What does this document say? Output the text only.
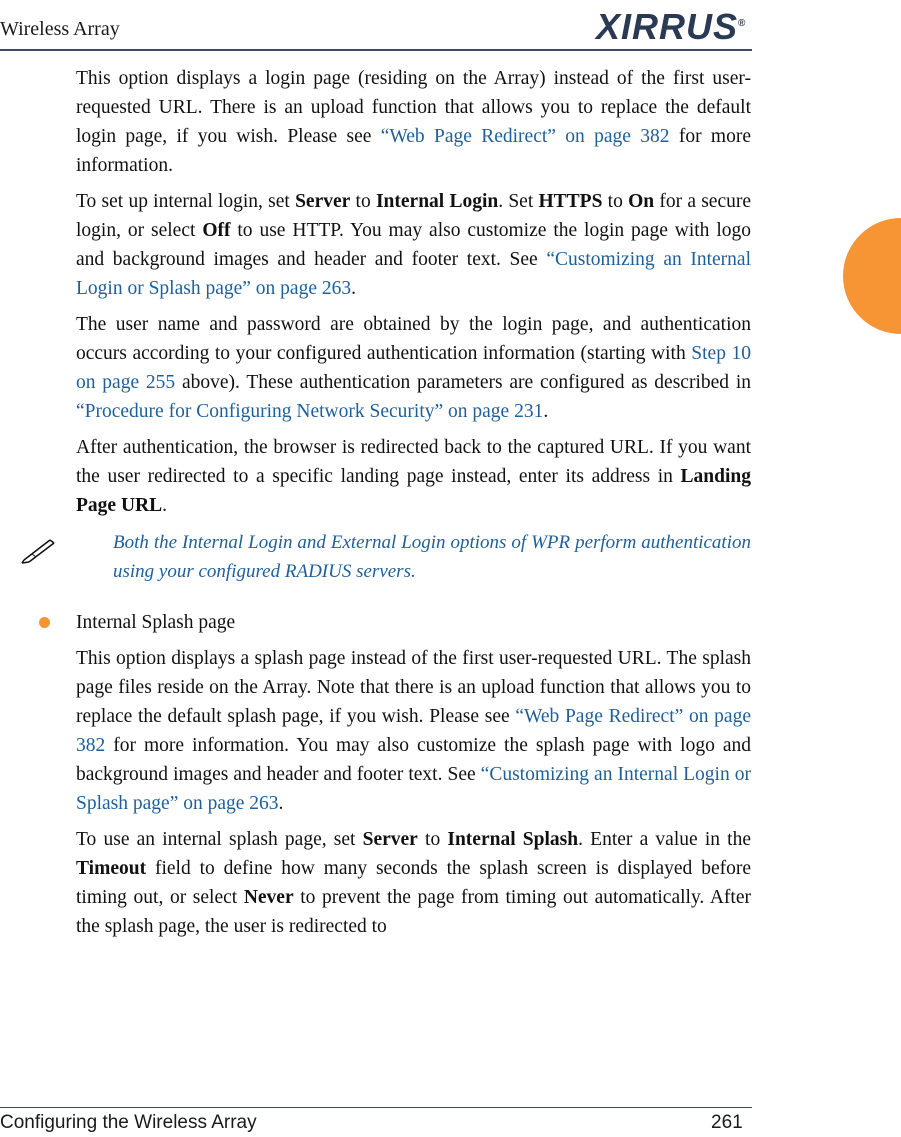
Wireless Array	XIRRUS®

This option displays a login page (residing on the Array) instead of the first user-requested URL. There is an upload function that allows you to replace the default login page, if you wish. Please see “Web Page Redirect” on page 382 for more information.

To set up internal login, set Server to Internal Login. Set HTTPS to On for a secure login, or select Off to use HTTP. You may also customize the login page with logo and background images and header and footer text. See “Customizing an Internal Login or Splash page” on page 263.

The user name and password are obtained by the login page, and authentication occurs according to your configured authentication information (starting with Step 10 on page 255 above). These authentication parameters are configured as described in “Procedure for Configuring Network Security” on page 231.

After authentication, the browser is redirected back to the captured URL. If you want the user redirected to a specific landing page instead, enter its address in Landing Page URL.

Both the Internal Login and External Login options of WPR perform authentication using your configured RADIUS servers.
Internal Splash page

This option displays a splash page instead of the first user-requested URL. The splash page files reside on the Array. Note that there is an upload function that allows you to replace the default splash page, if you wish. Please see “Web Page Redirect” on page 382 for more information. You may also customize the splash page with logo and background images and header and footer text. See “Customizing an Internal Login or Splash page” on page 263.

To use an internal splash page, set Server to Internal Splash. Enter a value in the Timeout field to define how many seconds the splash screen is displayed before timing out, or select Never to prevent the page from timing out automatically. After the splash page, the user is redirected to

Configuring the Wireless Array	261
